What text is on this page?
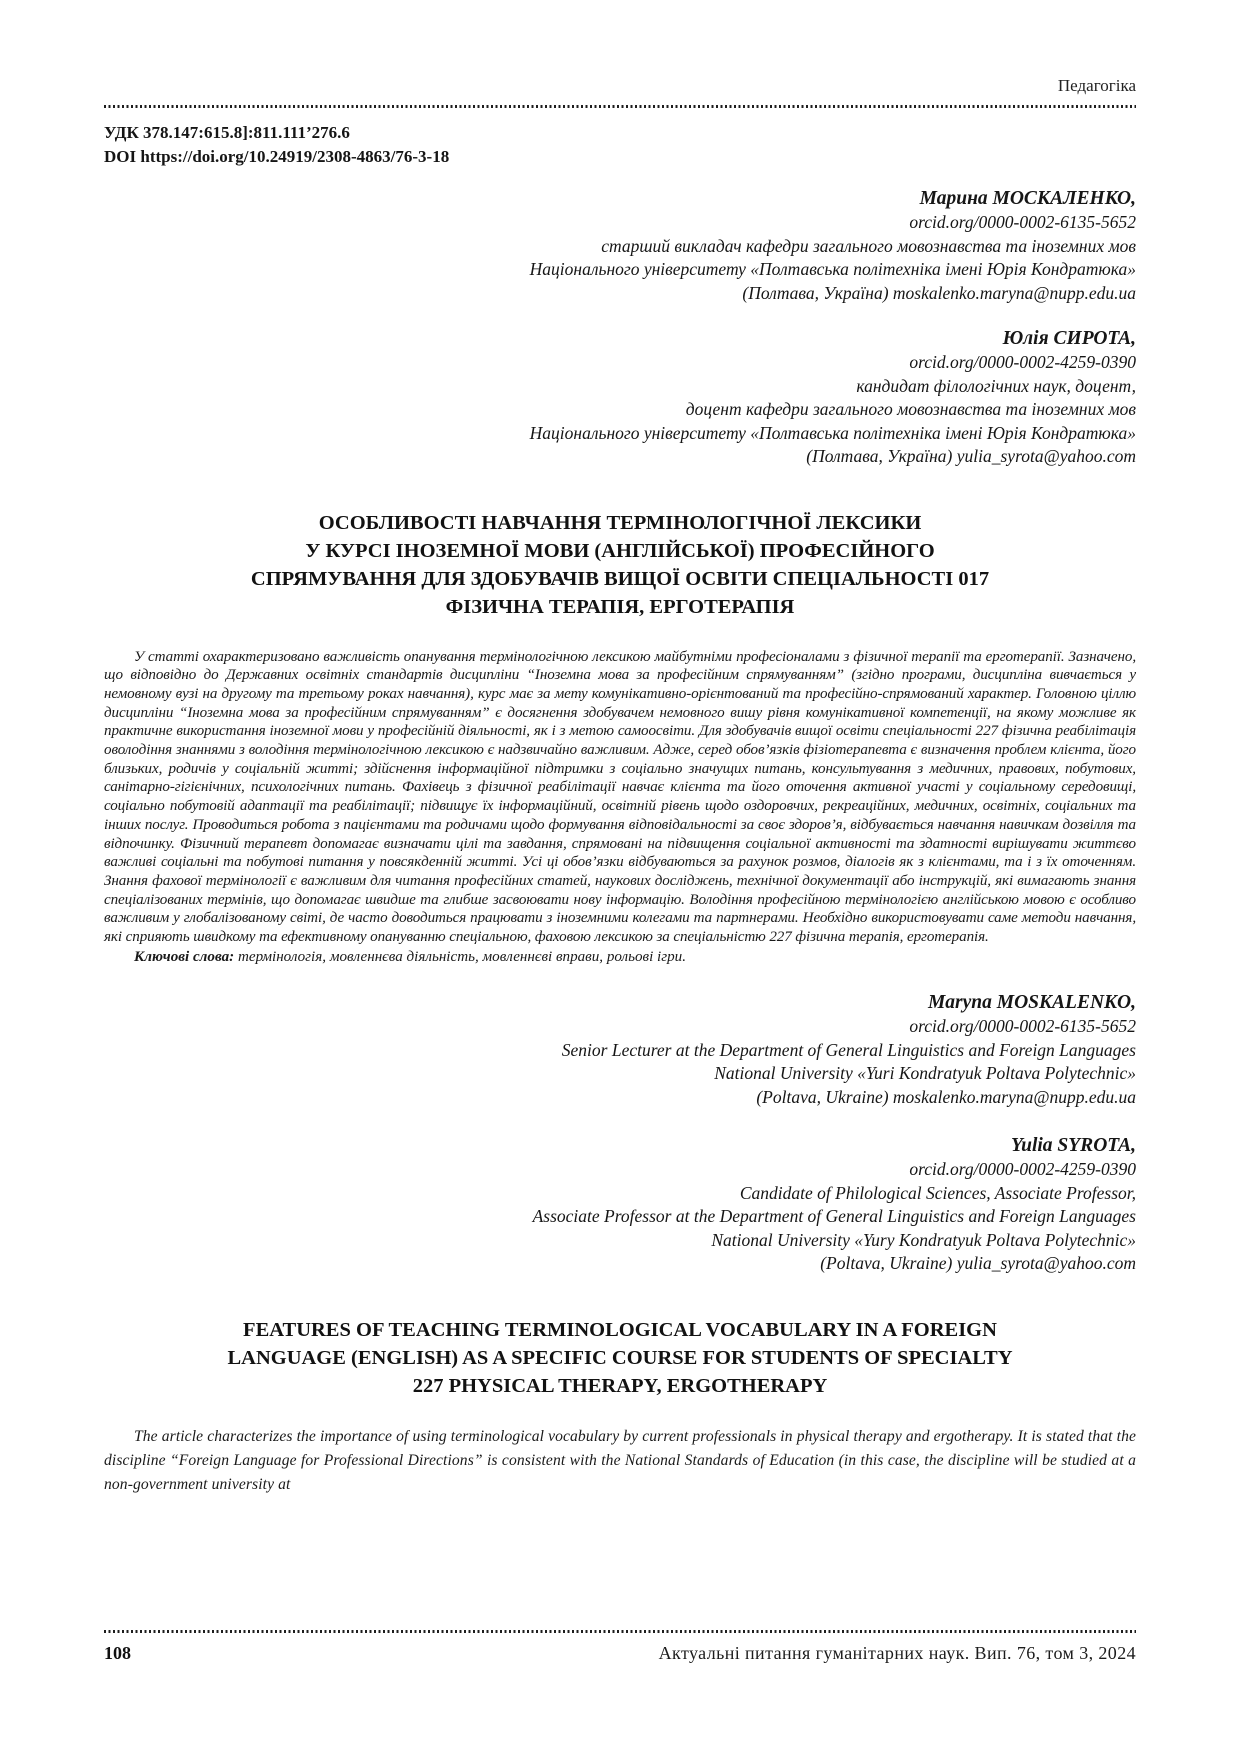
Педагогіка
УДК 378.147:615.8]:811.111’276.6
DOI https://doi.org/10.24919/2308-4863/76-3-18
Марина МОСКАЛЕНКО,
orcid.org/0000-0002-6135-5652
старший викладач кафедри загального мовознавства та іноземних мов
Національного університету «Полтавська політехніка імені Юрія Кондратюка»
(Полтава, Україна) moskalenko.maryna@nupp.edu.ua
Юлія СИРОТА,
orcid.org/0000-0002-4259-0390
кандидат філологічних наук, доцент,
доцент кафедри загального мовознавства та іноземних мов
Національного університету «Полтавська політехніка імені Юрія Кондратюка»
(Полтава, Україна) yulia_syrota@yahoo.com
ОСОБЛИВОСТІ НАВЧАННЯ ТЕРМІНОЛОГІЧНОЇ ЛЕКСИКИ
У КУРСІ ІНОЗЕМНОЇ МОВИ (АНГЛІЙСЬКОЇ) ПРОФЕСІЙНОГО
СПРЯМУВАННЯ ДЛЯ ЗДОБУВАЧІВ ВИЩОЇ ОСВІТИ СПЕЦІАЛЬНОСТІ 017
ФІЗИЧНА ТЕРАПІЯ, ЕРГОТЕРАПІЯ

У статті охарактеризовано важливість опанування термінологічною лексикою майбутніми професіоналами з фізичної терапії та ерготерапії. Зазначено, що відповідно до Державних освітніх стандартів дисципліни “Іноземна мова за професійним спрямуванням” (згідно програми, дисципліна вивчається у немовному вузі на другому та третьому роках навчання), курс має за мету комунікативно-орієнтований та професійно-спрямований характер. Головною ціллю дисципліни “Іноземна мова за професійним спрямуванням” є досягнення здобувачем немовного вишу рівня комунікативної компетенції, на якому можливе як практичне використання іноземної мови у професійній діяльності, як і з метою самоосвіти. Для здобувачів вищої освіти спеціальності 227 фізична реабілітація оволодіння знаннями з володіння термінологічною лексикою є надзвичайно важливим. Адже, серед обов’язків фізіотерапевта є визначення проблем клієнта, його близьких, родичів у соціальній житті; здійснення інформаційної підтримки з соціально значущих питань, консультування з медичних, правових, побутових, санітарно-гігієнічних, психологічних питань. Фахівець з фізичної реабілітації навчає клієнта та його оточення активної участі у соціальному середовищі, соціально побутовій адаптації та реабілітації; підвищує їх інформаційний, освітній рівень щодо оздоровчих, рекреаційних, медичних, освітніх, соціальних та інших послуг. Проводиться робота з пацієнтами та родичами щодо формування відповідальності за своє здоров’я, відбувається навчання навичкам дозвілля та відпочинку. Фізичний терапевт допомагає визначати цілі та завдання, спрямовані на підвищення соціальної активності та здатності вирішувати життєво важливі соціальні та побутові питання у повсякденній житті. Усі ці обов’язки відбуваються за рахунок розмов, діалогів як з клієнтами, та і з їх оточенням. Знання фахової термінології є важливим для читання професійних статей, наукових досліджень, технічної документації або інструкцій, які вимагають знання спеціалізованих термінів, що допомагає швидше та глибше засвоювати нову інформацію. Володіння професійною термінологією англійською мовою є особливо важливим у глобалізованому світі, де часто доводиться працювати з іноземними колегами та партнерами. Необхідно використовувати саме методи навчання, які сприяють швидкому та ефективному опануванню спеціальною, фаховою лексикою за спеціальністю 227 фізична терапія, ерготерапія.

Ключові слова: термінологія, мовленнєва діяльність, мовленнєві вправи, рольові ігри.
Maryna MOSKALENKO,
orcid.org/0000-0002-6135-5652
Senior Lecturer at the Department of General Linguistics and Foreign Languages
National University «Yuri Kondratyuk Poltava Polytechnic»
(Poltava, Ukraine) moskalenko.maryna@nupp.edu.ua
Yulia SYROTA,
orcid.org/0000-0002-4259-0390
Candidate of Philological Sciences, Associate Professor,
Associate Professor at the Department of General Linguistics and Foreign Languages
National University «Yury Kondratyuk Poltava Polytechnic»
(Poltava, Ukraine) yulia_syrota@yahoo.com
FEATURES OF TEACHING TERMINOLOGICAL VOCABULARY IN A FOREIGN
LANGUAGE (ENGLISH) AS A SPECIFIC COURSE FOR STUDENTS OF SPECIALTY
227 PHYSICAL THERAPY, ERGOTHERAPY

The article characterizes the importance of using terminological vocabulary by current professionals in physical therapy and ergotherapy. It is stated that the discipline “Foreign Language for Professional Directions” is consistent with the National Standards of Education (in this case, the discipline will be studied at a non-government university at

108	Актуальні питання гуманітарних наук. Вип. 76, том 3, 2024
